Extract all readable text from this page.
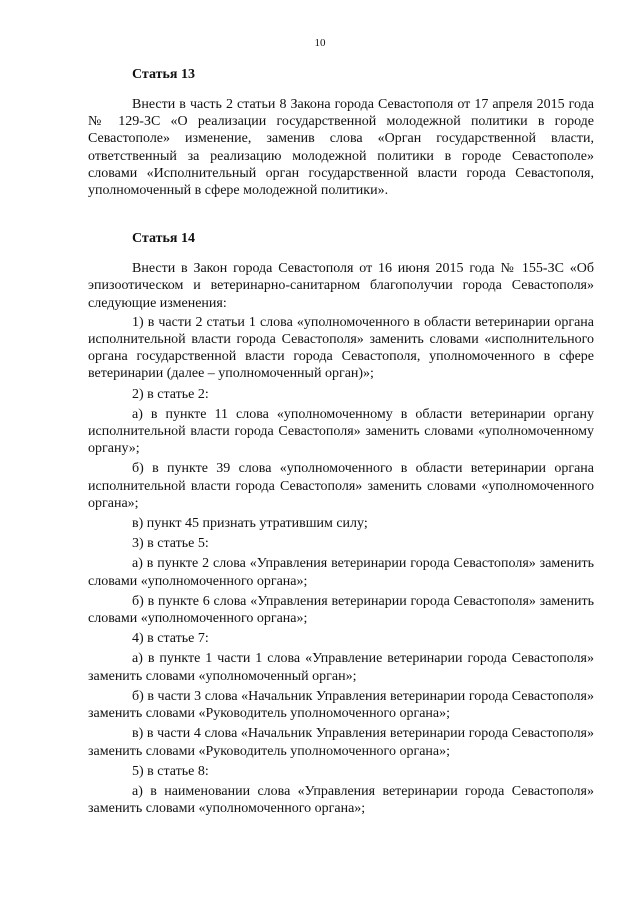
10
Статья 13

Внести в часть 2 статьи 8 Закона города Севастополя от 17 апреля 2015 года № 129-ЗС «О реализации государственной молодежной политики в городе Севастополе» изменение, заменив слова «Орган государственной власти, ответственный за реализацию молодежной политики в городе Севастополе» словами «Исполнительный орган государственной власти города Севастополя, уполномоченный в сфере молодежной политики».

Статья 14

Внести в Закон города Севастополя от 16 июня 2015 года № 155-ЗС «Об эпизоотическом и ветеринарно-санитарном благополучии города Севастополя» следующие изменения:

1) в части 2 статьи 1 слова «уполномоченного в области ветеринарии органа исполнительной власти города Севастополя» заменить словами «исполнительного органа государственной власти города Севастополя, уполномоченного в сфере ветеринарии (далее – уполномоченный орган)»;

2) в статье 2:

а) в пункте 11 слова «уполномоченному в области ветеринарии органу исполнительной власти города Севастополя» заменить словами «уполномоченному органу»;

б) в пункте 39 слова «уполномоченного в области ветеринарии органа исполнительной власти города Севастополя» заменить словами «уполномоченного органа»;

в) пункт 45 признать утратившим силу;

3) в статье 5:

а) в пункте 2 слова «Управления ветеринарии города Севастополя» заменить словами «уполномоченного органа»;

б) в пункте 6 слова «Управления ветеринарии города Севастополя» заменить словами «уполномоченного органа»;

4) в статье 7:

а) в пункте 1 части 1 слова «Управление ветеринарии города Севастополя» заменить словами «уполномоченный орган»;

б) в части 3 слова «Начальник Управления ветеринарии города Севастополя» заменить словами «Руководитель уполномоченного органа»;

в) в части 4 слова «Начальник Управления ветеринарии города Севастополя» заменить словами «Руководитель уполномоченного органа»;

5) в статье 8:

а) в наименовании слова «Управления ветеринарии города Севастополя» заменить словами «уполномоченного органа»;
